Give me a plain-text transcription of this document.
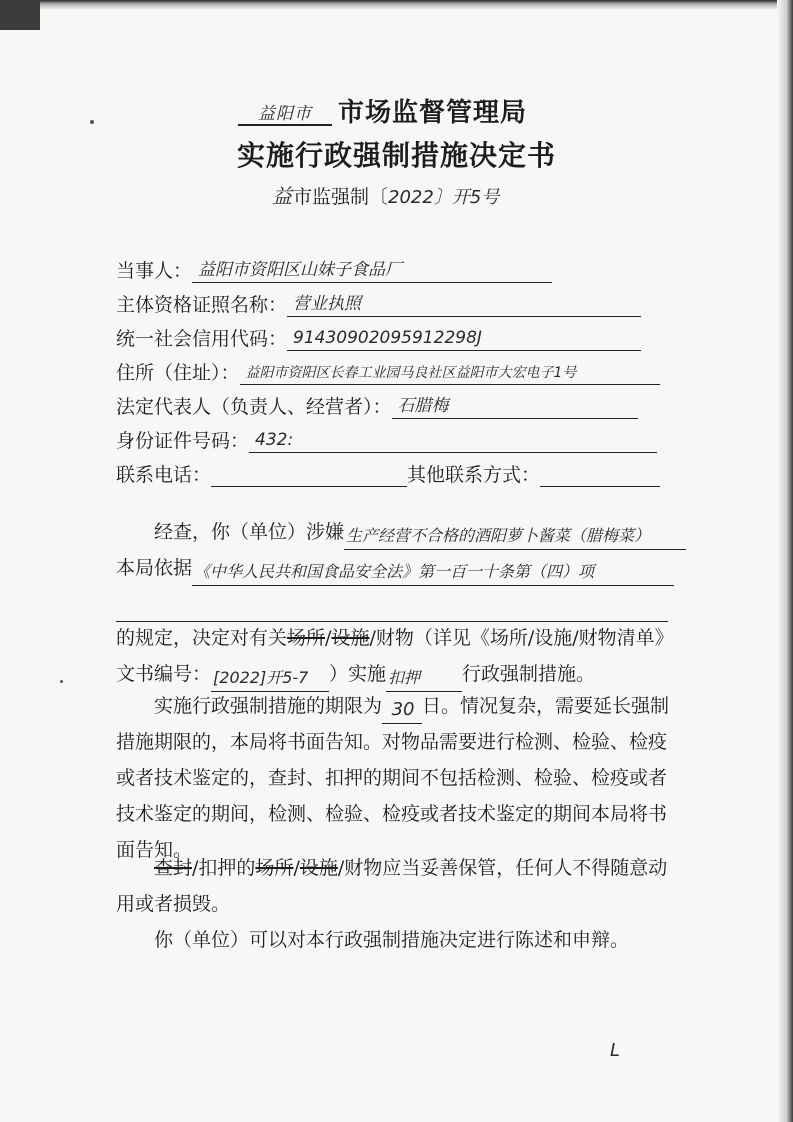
益阳市 市场监督管理局
实施行政强制措施决定书
益市监强制〔2022〕开5号
当事人： 益阳市资阳区山妹子食品厂
主体资格证照名称： 营业执照
统一社会信用代码： 91430902095912298J
住所（住址）： 益阳市资阳区长春工业园马良社区益阳市大宏电子1号
法定代表人（负责人、经营者）： 石腊梅
身份证件号码： 432:
联系电话：	其他联系方式：
经查，你（单位）涉嫌 生产经营不合格的酒阳萝卜酱菜（腊梅菜）
本局依据 《中华人民共和国食品安全法》第一百一十条第（四）项
的规定，决定对有关场所/设施/财物（详见《场所/设施/财物清单》文书编号： [2022]开5-7 ）实施 扣押 行政强制措施。
实施行政强制措施的期限为 30 日。情况复杂，需要延长强制措施期限的，本局将书面告知。对物品需要进行检测、检验、检疫或者技术鉴定的，查封、扣押的期间不包括检测、检验、检疫或者技术鉴定的期间，检测、检验、检疫或者技术鉴定的期间本局将书面告知。
查封/扣押的场所/设施/财物应当妥善保管，任何人不得随意动用或者损毁。
你（单位）可以对本行政强制措施决定进行陈述和申辩。
L
